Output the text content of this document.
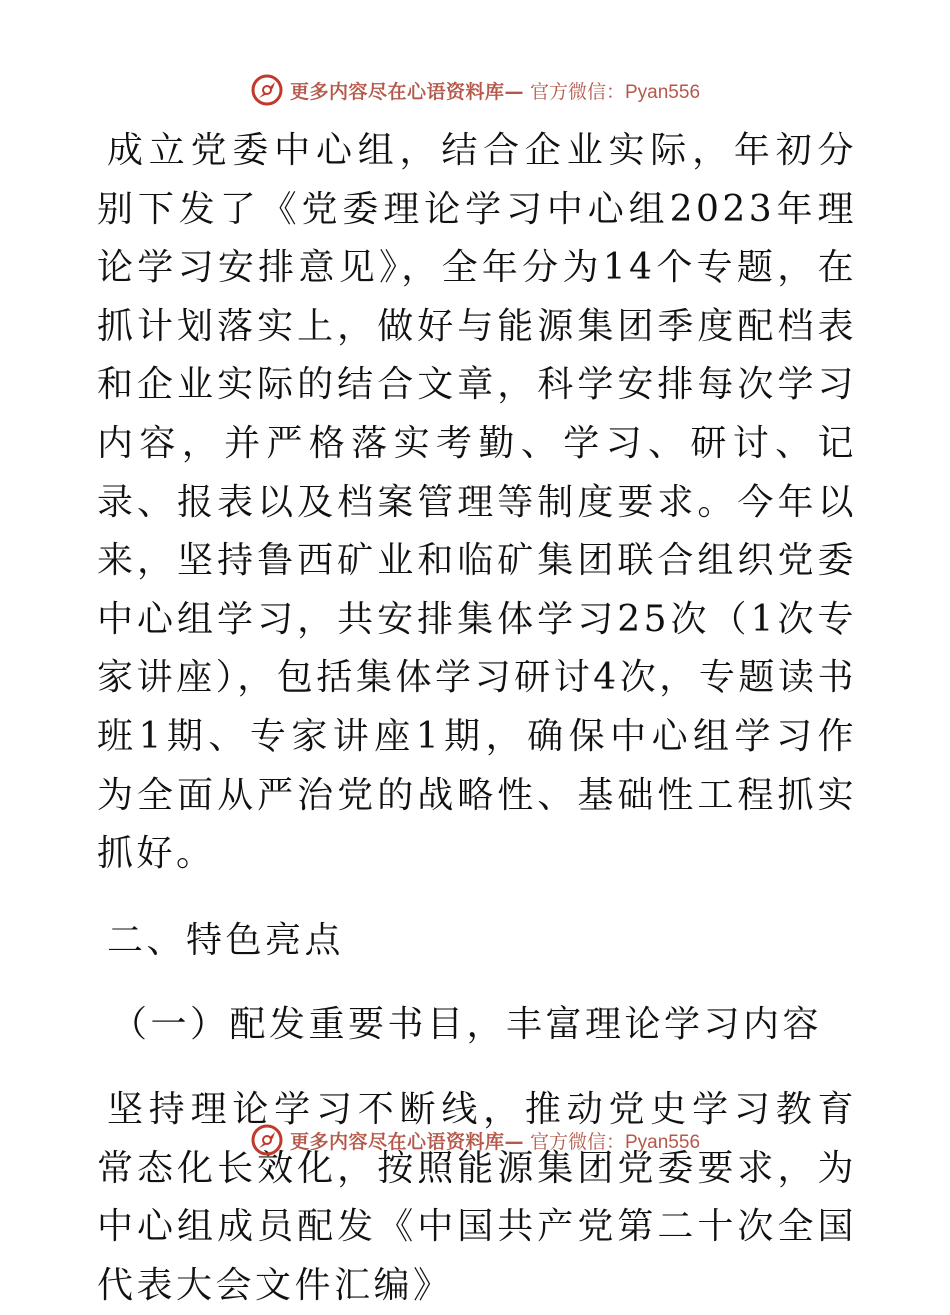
更多内容尽在心语资料库— 官方微信：Pyan556

成立党委中心组，结合企业实际，年初分别下发了《党委理论学习中心组2023年理论学习安排意见》，全年分为14个专题，在抓计划落实上，做好与能源集团季度配档表和企业实际的结合文章，科学安排每次学习内容，并严格落实考勤、学习、研讨、记录、报表以及档案管理等制度要求。今年以来，坚持鲁西矿业和临矿集团联合组织党委中心组学习，共安排集体学习25次（1次专家讲座），包括集体学习研讨4次，专题读书班1期、专家讲座1期，确保中心组学习作为全面从严治党的战略性、基础性工程抓实抓好。

二、特色亮点
（一）配发重要书目，丰富理论学习内容

坚持理论学习不断线，推动党史学习教育常态化长效化，按照能源集团党委要求，为中心组成员配发《中国共产党第二十次全国代表大会文件汇编》

更多内容尽在心语资料库— 官方微信：Pyan556
